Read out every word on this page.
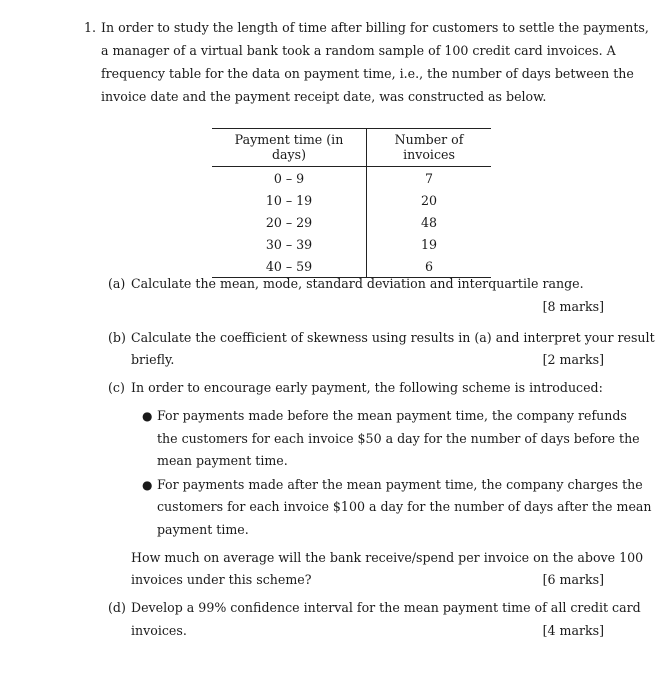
1. In order to study the length of time after billing for customers to settle the payments,
a manager of a virtual bank took a random sample of 100 credit card invoices. A
frequency table for the data on payment time, i.e., the number of days between the
invoice date and the payment receipt date, was constructed as below.
Payment time (in days)	Number of invoices
0 – 9	7
10 – 19	20
20 – 29	48
30 – 39	19
40 – 59	6
(a) Calculate the mean, mode, standard deviation and interquartile range.
[8 marks]
(b) Calculate the coefficient of skewness using results in (a) and interpret your result
briefly.	[2 marks]
(c) In order to encourage early payment, the following scheme is introduced:
● For payments made before the mean payment time, the company refunds
the customers for each invoice $50 a day for the number of days before the
mean payment time.
● For payments made after the mean payment time, the company charges the
customers for each invoice $100 a day for the number of days after the mean
payment time.
How much on average will the bank receive/spend per invoice on the above 100
invoices under this scheme?	[6 marks]
(d) Develop a 99% confidence interval for the mean payment time of all credit card
invoices.	[4 marks]
